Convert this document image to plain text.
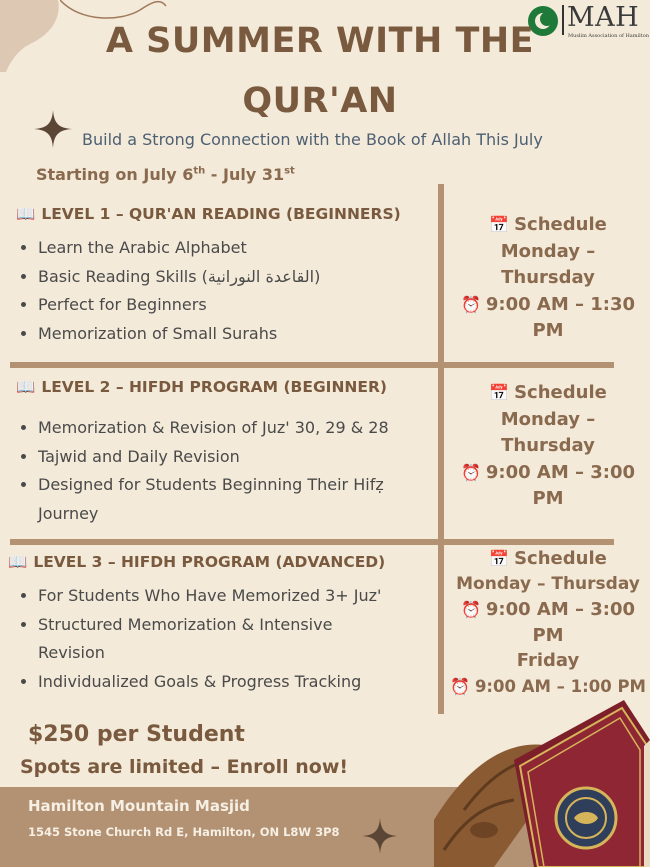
MAH
Muslim Association of Hamilton
A SUMMER WITH THE
QUR'AN
Build a Strong Connection with the Book of Allah This July
Starting on July 6th - July 31st
📖 LEVEL 1 – QUR'AN READING (BEGINNERS)
• Learn the Arabic Alphabet
• Basic Reading Skills (القاعدة النورانية)
• Perfect for Beginners
• Memorization of Small Surahs
📅 Schedule
Monday – Thursday
⏰ 9:00 AM – 1:30 PM
📖 LEVEL 2 – HIFDH PROGRAM (BEGINNER)
• Memorization & Revision of Juz' 30, 29 & 28
• Tajwid and Daily Revision
• Designed for Students Beginning Their Hifẓ Journey
📅 Schedule
Monday – Thursday
⏰ 9:00 AM – 3:00 PM
📖 LEVEL 3 – HIFDH PROGRAM (ADVANCED)
• For Students Who Have Memorized 3+ Juz'
• Structured Memorization & Intensive Revision
• Individualized Goals & Progress Tracking
📅 Schedule
Monday – Thursday
⏰ 9:00 AM – 3:00 PM
Friday
⏰ 9:00 AM – 1:00 PM
$250 per Student
Spots are limited – Enroll now!
Hamilton Mountain Masjid
1545 Stone Church Rd E, Hamilton, ON L8W 3P8
